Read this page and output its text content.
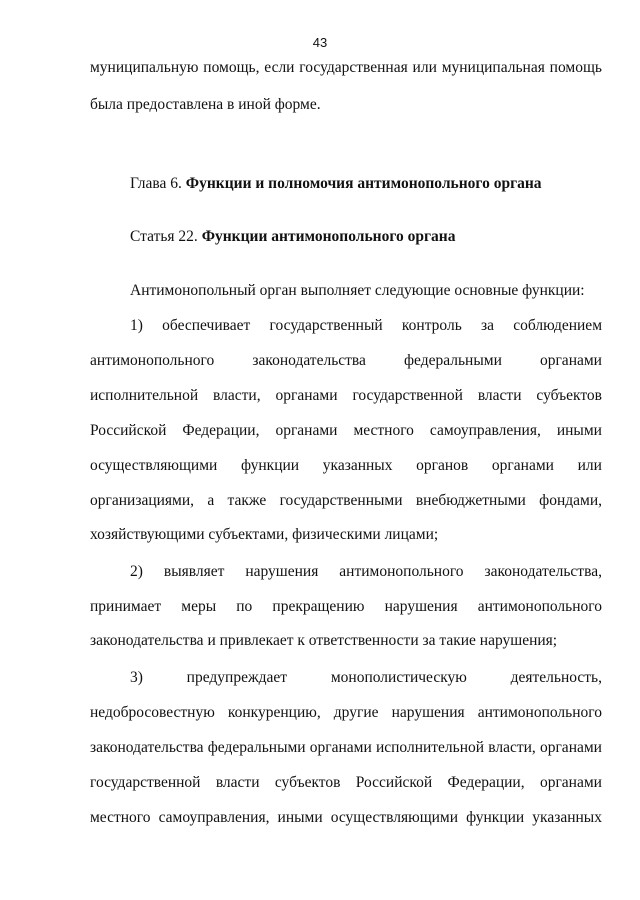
43
муниципальную помощь, если государственная или муниципальная помощь
была предоставлена в иной форме.
Глава 6. Функции и полномочия антимонопольного органа
Статья 22. Функции антимонопольного органа
Антимонопольный орган выполняет следующие основные функции:
1) обеспечивает государственный контроль за соблюдением
антимонопольного законодательства федеральными органами
исполнительной власти, органами государственной власти субъектов
Российской Федерации, органами местного самоуправления, иными
осуществляющими функции указанных органов органами или
организациями, а также государственными внебюджетными фондами,
хозяйствующими субъектами, физическими лицами;
2) выявляет нарушения антимонопольного законодательства,
принимает меры по прекращению нарушения антимонопольного
законодательства и привлекает к ответственности за такие нарушения;
3)	предупреждает	монополистическую	деятельность,
недобросовестную конкуренцию, другие нарушения антимонопольного
законодательства федеральными органами исполнительной власти, органами
государственной власти субъектов Российской Федерации, органами
местного самоуправления, иными осуществляющими функции указанных
